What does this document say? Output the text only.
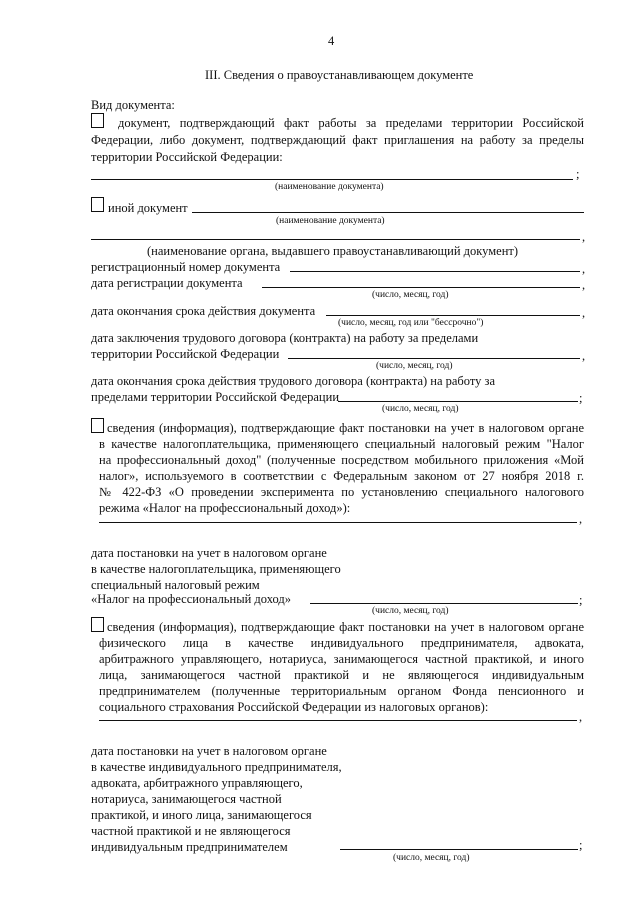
4
III. Сведения о правоустанавливающем документе
Вид документа:
документ, подтверждающий факт работы за пределами территории Российской
Федерации, либо документ, подтверждающий факт приглашения на работу за пределы
территории Российской Федерации:
;
(наименование документа)
иной документ
(наименование документа)
,
(наименование органа, выдавшего правоустанавливающий документ)
регистрационный номер документа	,
дата регистрации документа	,
(число, месяц, год)
дата окончания срока действия документа	,
(число, месяц, год или "бессрочно")
дата заключения трудового договора (контракта) на работу за пределами
территории Российской Федерации	,
(число, месяц, год)
дата окончания срока действия трудового договора (контракта) на работу за
пределами территории Российской Федерации	;
(число, месяц, год)
сведения (информация), подтверждающие факт постановки на учет в налоговом органе
в качестве налогоплательщика, применяющего специальный налоговый режим "Налог
на профессиональный доход" (полученные посредством мобильного приложения «Мой
налог», используемого в соответствии с Федеральным законом от 27 ноября 2018 г.
№ 422-ФЗ «О проведении эксперимента по установлению специального налогового
режима «Налог на профессиональный доход»):
,
дата постановки на учет в налоговом органе
в качестве налогоплательщика, применяющего
специальный налоговый режим
«Налог на профессиональный доход»	;
(число, месяц, год)
сведения (информация), подтверждающие факт постановки на учет в налоговом органе
физического лица в качестве индивидуального предпринимателя, адвоката,
арбитражного управляющего, нотариуса, занимающегося частной практикой, и иного
лица, занимающегося частной практикой и не являющегося индивидуальным
предпринимателем (полученные территориальным органом Фонда пенсионного и
социального страхования Российской Федерации из налоговых органов):
,
дата постановки на учет в налоговом органе
в качестве индивидуального предпринимателя,
адвоката, арбитражного управляющего,
нотариуса, занимающегося частной
практикой, и иного лица, занимающегося
частной практикой и не являющегося
индивидуальным предпринимателем	;
(число, месяц, год)
